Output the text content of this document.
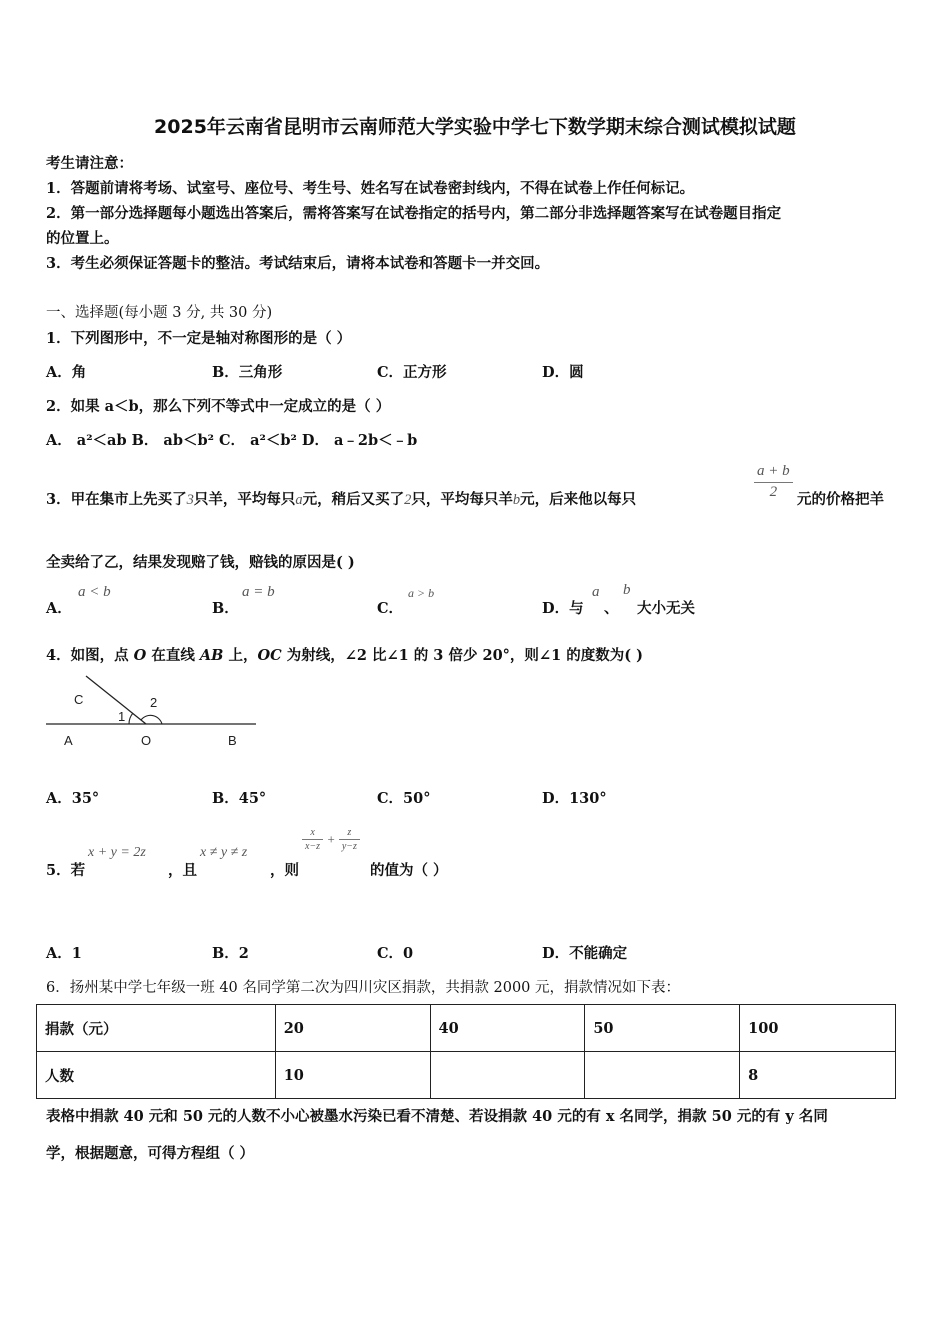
2025年云南省昆明市云南师范大学实验中学七下数学期末综合测试模拟试题
考生请注意：
1．答题前请将考场、试室号、座位号、考生号、姓名写在试卷密封线内，不得在试卷上作任何标记。
2．第一部分选择题每小题选出答案后，需将答案写在试卷指定的括号内，第二部分非选择题答案写在试卷题目指定
的位置上。
3．考生必须保证答题卡的整洁。考试结束后，请将本试卷和答题卡一并交回。
一、选择题(每小题 3 分, 共 30 分)
1．下列图形中，不一定是轴对称图形的是（ ）
A．角	B．三角形	C．正方形	D．圆
2．如果 a＜b，那么下列不等式中一定成立的是（ ）
A． a²＜ab B． ab＜b² C． a²＜b² D． a﹣2b＜﹣b
3．甲在集市上先买了3只羊，平均每只a元，稍后又买了2只，平均每只羊b元，后来他以每只	$\frac{a + b}{2}$ 元的价格把羊
全卖给了乙，结果发现赔了钱，赔钱的原因是( )
A．
a < b
B．
a = b
C．
a > b
D．与
a
、
b
大小无关
4．如图，点 O 在直线 AB 上，OC 为射线，∠2 比∠1 的 3 倍少 20°，则∠1 的度数为( )
C
1
2
A	O	B
A．35°	B．45°	C．50°	D．130°
5．若
x + y = 2z
，且
x ≠ y ≠ z
，则
$\frac{x}{x-z} + \frac{z}{y-z}$
的值为（ ）
A．1	B．2	C．0	D．不能确定
6．扬州某中学七年级一班 40 名同学第二次为四川灾区捐款，共捐款 2000 元，捐款情况如下表：
捐款（元）	20	40	50	100
人数	10			8
表格中捐款 40 元和 50 元的人数不小心被墨水污染已看不清楚、若设捐款 40 元的有 x 名同学，捐款 50 元的有 y 名同
学，根据题意，可得方程组（ ）
